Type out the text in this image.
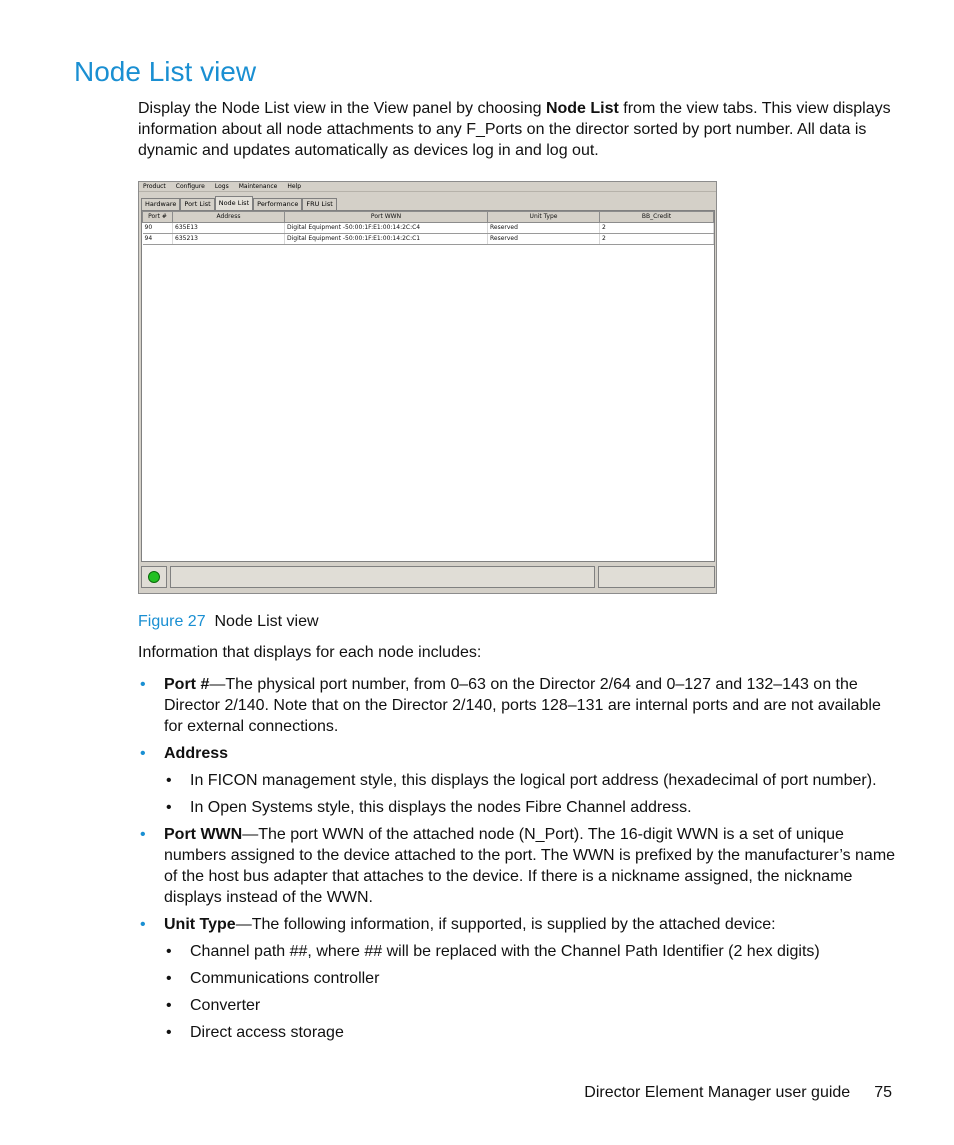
Node List view

Display the Node List view in the View panel by choosing Node List from the view tabs. This view displays information about all node attachments to any F_Ports on the director sorted by port number. All data is dynamic and updates automatically as devices log in and log out.

Product Configure Logs Maintenance Help
Hardware	Port List	Node List	Performance	FRU List
Port #	Address	Port WWN	Unit Type	BB_Credit
90	635E13	Digital Equipment -50:00:1F:E1:00:14:2C:C4	Reserved	2
94	635213	Digital Equipment -50:00:1F:E1:00:14:2C:C1	Reserved	2
Figure 27 Node List view

Information that displays for each node includes:

• Port #—The physical port number, from 0–63 on the Director 2/64 and 0–127 and 132–143 on the Director 2/140. Note that on the Director 2/140, ports 128–131 are internal ports and are not available for external connections.
• Address
• In FICON management style, this displays the logical port address (hexadecimal of port number).
• In Open Systems style, this displays the nodes Fibre Channel address.
• Port WWN—The port WWN of the attached node (N_Port). The 16-digit WWN is a set of unique numbers assigned to the device attached to the port. The WWN is prefixed by the manufacturer’s name of the host bus adapter that attaches to the device. If there is a nickname assigned, the nickname displays instead of the WWN.
• Unit Type—The following information, if supported, is supplied by the attached device:
• Channel path ##, where ## will be replaced with the Channel Path Identifier (2 hex digits)
• Communications controller
• Converter
• Direct access storage
Director Element Manager user guide 75
